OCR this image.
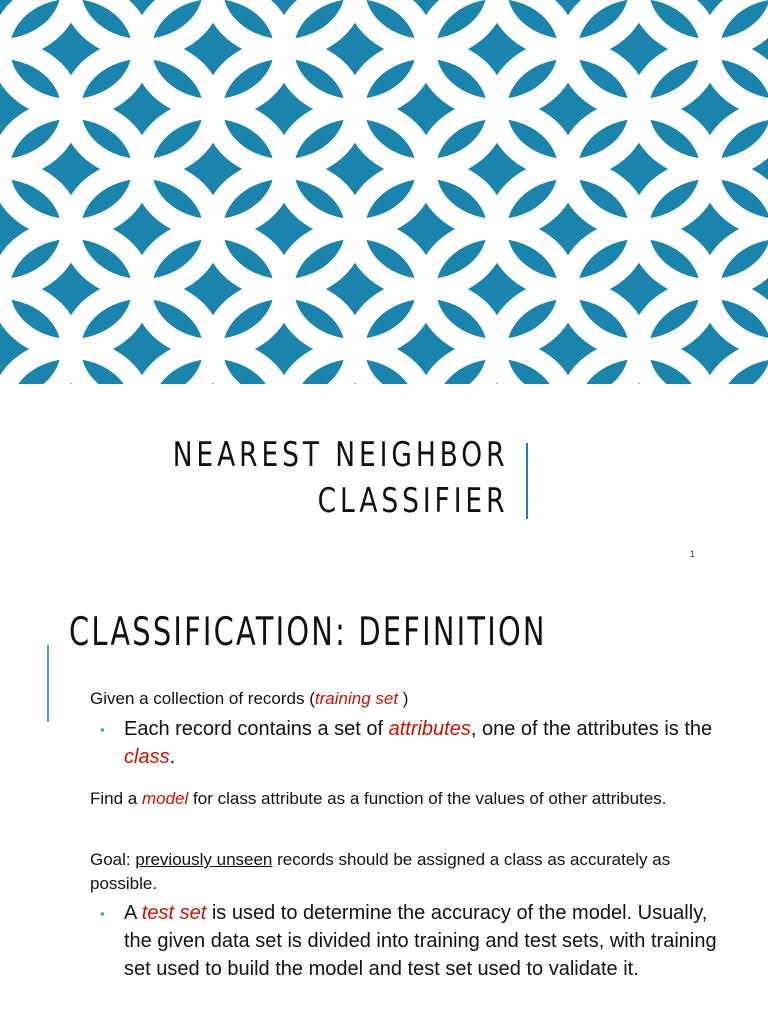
NEAREST NEIGHBOR
CLASSIFIER
1
CLASSIFICATION: DEFINITION

Given a collection of records (training set )

▪ Each record contains a set of attributes, one of the attributes is the class.

Find a model for class attribute as a function of the values of other attributes.

Goal: previously unseen records should be assigned a class as accurately as possible.

▪ A test set is used to determine the accuracy of the model. Usually, the given data set is divided into training and test sets, with training set used to build the model and test set used to validate it.
